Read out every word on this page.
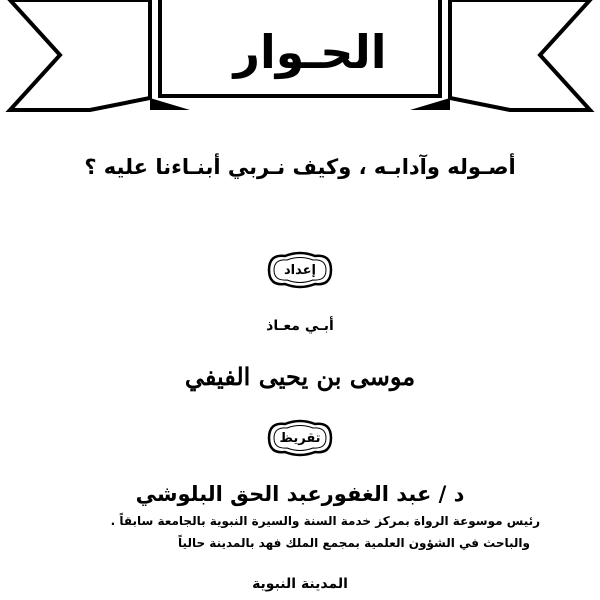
الحـوار
أصـوله وآدابـه ، وكيف نـربي أبنـاءنا عليه ؟
إعداد
أبـي معـاذ
موسى بن يحيى الفيفي
تقريظ
د / عبد الغفورعبد الحق البلوشي
رئيس موسوعة الرواة بمركز خدمة السنة والسيرة النبوية بالجامعة سابقاً .
والباحث في الشؤون العلمية بمجمع الملك فهد بالمدينة حالياً
المدينة النبوية
